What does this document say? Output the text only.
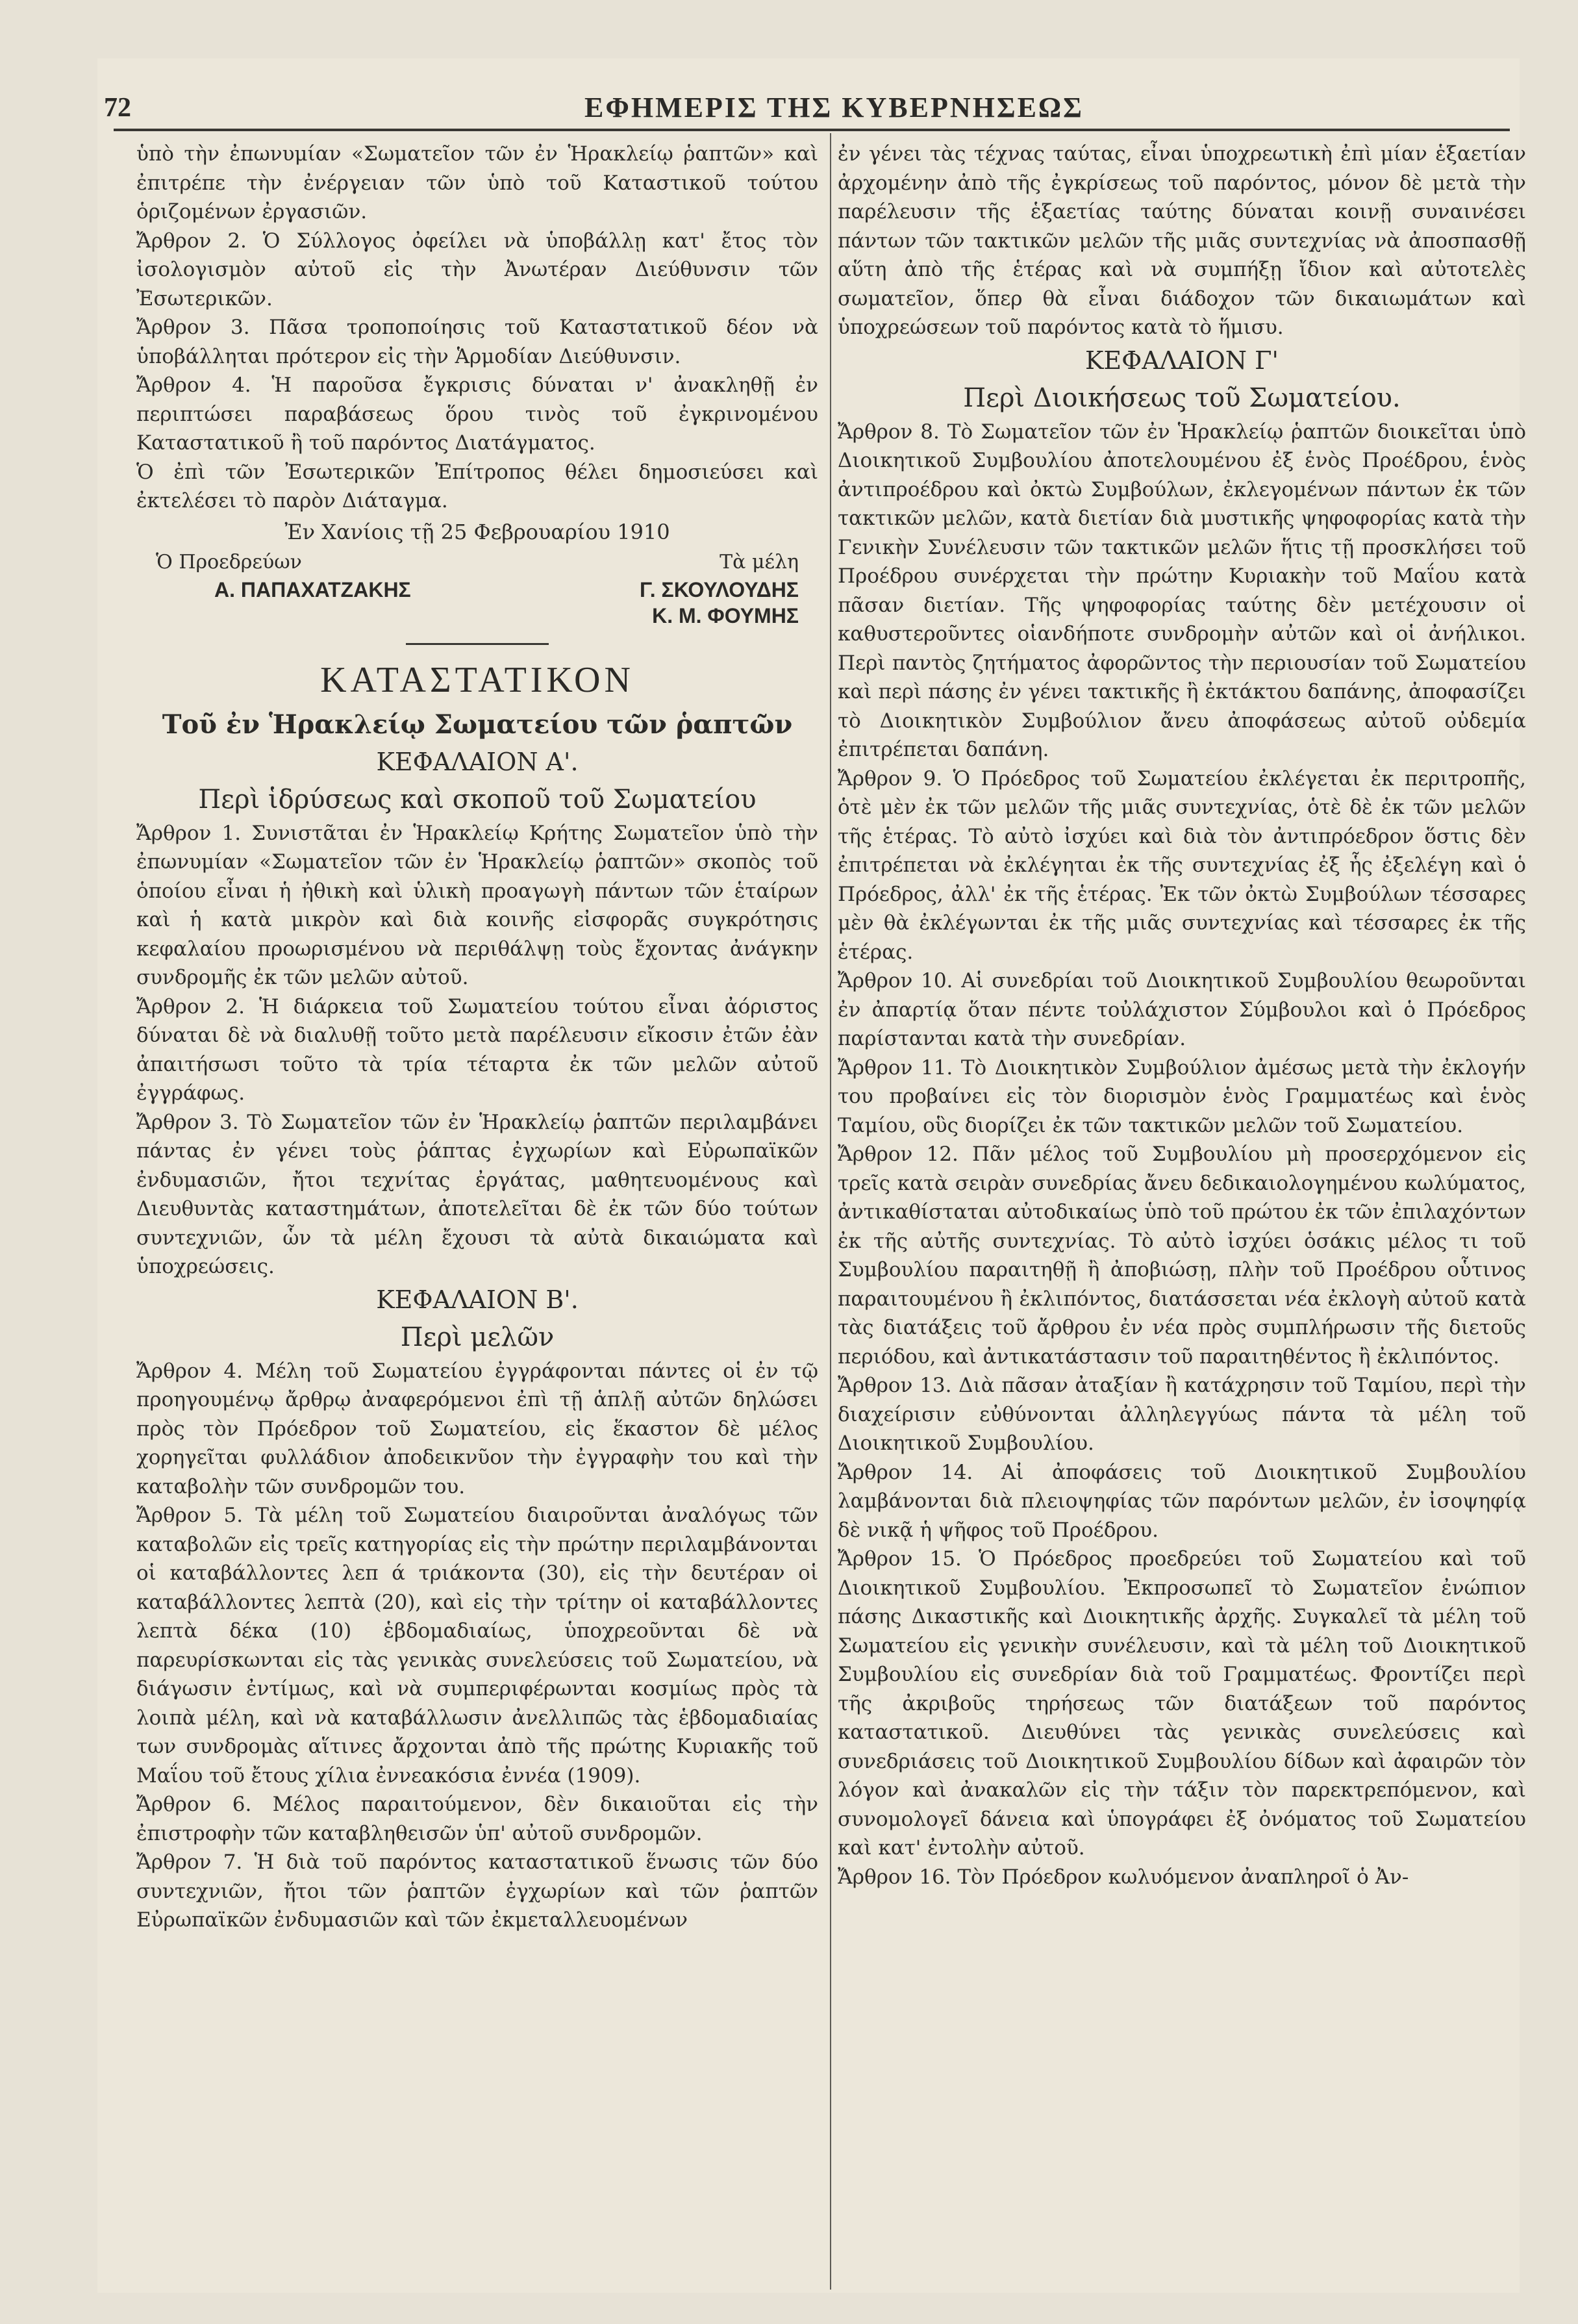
72	ΕΦΗΜΕΡΙΣ ΤΗΣ ΚΥΒΕΡΝΗΣΕΩΣ

ὑπὸ τὴν ἐπωνυμίαν «Σωματεῖον τῶν ἐν Ἡρακλείῳ ῥαπτῶν» καὶ ἐπιτρέπε τὴν ἐνέργειαν τῶν ὑπὸ τοῦ Καταστικοῦ τούτου ὁριζομένων ἐργασιῶν.

Ἄρθρον 2. Ὁ Σύλλογος ὀφείλει νὰ ὑποβάλλῃ κατ' ἔτος τὸν ἰσολογισμὸν αὐτοῦ εἰς τὴν Ἀνωτέραν Διεύθυνσιν τῶν Ἐσωτερικῶν.

Ἄρθρον 3. Πᾶσα τροποποίησις τοῦ Καταστατικοῦ δέον νὰ ὑποβάλληται πρότερον εἰς τὴν Ἁρμοδίαν Διεύθυνσιν.

Ἄρθρον 4. Ἡ παροῦσα ἔγκρισις δύναται ν' ἀνακληθῇ ἐν περιπτώσει παραβάσεως ὅρου τινὸς τοῦ ἐγκρινομένου Καταστατικοῦ ἢ τοῦ παρόντος Διατάγματος.

Ὁ ἐπὶ τῶν Ἐσωτερικῶν Ἐπίτροπος θέλει δημοσιεύσει καὶ ἐκτελέσει τὸ παρὸν Διάταγμα.

Ἐν Χανίοις τῇ 25 Φεβρουαρίου 1910
Ὁ Προεδρεύων	Τὰ μέλη
Α. ΠΑΠΑΧΑΤΖΑΚΗΣ	Γ. ΣΚΟΥΛΟΥΔΗΣ
Κ. Μ. ΦΟΥΜΗΣ
ΚΑΤΑΣΤΑΤΙΚΟΝ
Τοῦ ἐν Ἡρακλείῳ Σωματείου τῶν ῥαπτῶν
ΚΕΦΑΛΑΙΟΝ Α'.
Περὶ ἱδρύσεως καὶ σκοποῦ τοῦ Σωματείου

Ἄρθρον 1. Συνιστᾶται ἐν Ἡρακλείῳ Κρήτης Σωματεῖον ὑπὸ τὴν ἐπωνυμίαν «Σωματεῖον τῶν ἐν Ἡρακλείῳ ῥαπτῶν» σκοπὸς τοῦ ὁποίου εἶναι ἡ ἠθικὴ καὶ ὑλικὴ προαγωγὴ πάντων τῶν ἑταίρων καὶ ἡ κατὰ μικρὸν καὶ διὰ κοινῆς εἰσφορᾶς συγκρότησις κεφαλαίου προωρισμένου νὰ περιθάλψῃ τοὺς ἔχοντας ἀνάγκην συνδρομῆς ἐκ τῶν μελῶν αὐτοῦ.

Ἄρθρον 2. Ἡ διάρκεια τοῦ Σωματείου τούτου εἶναι ἀόριστος δύναται δὲ νὰ διαλυθῇ τοῦτο μετὰ παρέλευσιν εἴκοσιν ἐτῶν ἐὰν ἀπαιτήσωσι τοῦτο τὰ τρία τέταρτα ἐκ τῶν μελῶν αὐτοῦ ἐγγράφως.

Ἄρθρον 3. Τὸ Σωματεῖον τῶν ἐν Ἡρακλείῳ ῥαπτῶν περιλαμβάνει πάντας ἐν γένει τοὺς ῥάπτας ἐγχωρίων καὶ Εὐρωπαϊκῶν ἐνδυμασιῶν, ἤτοι τεχνίτας ἐργάτας, μαθητευομένους καὶ Διευθυντὰς καταστημάτων, ἀποτελεῖται δὲ ἐκ τῶν δύο τούτων συντεχνιῶν, ὧν τὰ μέλη ἔχουσι τὰ αὐτὰ δικαιώματα καὶ ὑποχρεώσεις.

ΚΕΦΑΛΑΙΟΝ Β'.
Περὶ μελῶν

Ἄρθρον 4. Μέλη τοῦ Σωματείου ἐγγράφονται πάντες οἱ ἐν τῷ προηγουμένῳ ἄρθρῳ ἀναφερόμενοι ἐπὶ τῇ ἁπλῇ αὐτῶν δηλώσει πρὸς τὸν Πρόεδρον τοῦ Σωματείου, εἰς ἕκαστον δὲ μέλος χορηγεῖται φυλλάδιον ἀποδεικνῦον τὴν ἐγγραφὴν του καὶ τὴν καταβολὴν τῶν συνδρομῶν του.

Ἄρθρον 5. Τὰ μέλη τοῦ Σωματείου διαιροῦνται ἀναλόγως τῶν καταβολῶν εἰς τρεῖς κατηγορίας εἰς τὴν πρώτην περιλαμβάνονται οἱ καταβάλλοντες λεπ ά τριάκοντα (30), εἰς τὴν δευτέραν οἱ καταβάλλοντες λεπτὰ (20), καὶ εἰς τὴν τρίτην οἱ καταβάλλοντες λεπτὰ δέκα (10) ἑβδομαδιαίως, ὑποχρεοῦνται δὲ νὰ παρευρίσκωνται εἰς τὰς γενικὰς συνελεύσεις τοῦ Σωματείου, νὰ διάγωσιν ἐντίμως, καὶ νὰ συμπεριφέρωνται κοσμίως πρὸς τὰ λοιπὰ μέλη, καὶ νὰ καταβάλλωσιν ἀνελλιπῶς τὰς ἑβδομαδιαίας των συνδρομὰς αἵτινες ἄρχονται ἀπὸ τῆς πρώτης Κυριακῆς τοῦ Μαΐου τοῦ ἔτους χίλια ἐννεακόσια ἐννέα (1909).

Ἄρθρον 6. Μέλος παραιτούμενον, δὲν δικαιοῦται εἰς τὴν ἐπιστροφὴν τῶν καταβληθεισῶν ὑπ' αὐτοῦ συνδρομῶν.

Ἄρθρον 7. Ἡ διὰ τοῦ παρόντος καταστατικοῦ ἕνωσις τῶν δύο συντεχνιῶν, ἤτοι τῶν ῥαπτῶν ἐγχωρίων καὶ τῶν ῥαπτῶν Εὐρωπαϊκῶν ἐνδυμασιῶν καὶ τῶν ἐκμεταλλευομένων

ἐν γένει τὰς τέχνας ταύτας, εἶναι ὑποχρεωτικὴ ἐπὶ μίαν ἑξαετίαν ἀρχομένην ἀπὸ τῆς ἐγκρίσεως τοῦ παρόντος, μόνον δὲ μετὰ τὴν παρέλευσιν τῆς ἑξαετίας ταύτης δύναται κοινῇ συναινέσει πάντων τῶν τακτικῶν μελῶν τῆς μιᾶς συντεχνίας νὰ ἀποσπασθῇ αὕτη ἀπὸ τῆς ἑτέρας καὶ νὰ συμπήξῃ ἴδιον καὶ αὐτοτελὲς σωματεῖον, ὅπερ θὰ εἶναι διάδοχον τῶν δικαιωμάτων καὶ ὑποχρεώσεων τοῦ παρόντος κατὰ τὸ ἥμισυ.

ΚΕΦΑΛΑΙΟΝ Γ'
Περὶ Διοικήσεως τοῦ Σωματείου.

Ἄρθρον 8. Τὸ Σωματεῖον τῶν ἐν Ἡρακλείῳ ῥαπτῶν διοικεῖται ὑπὸ Διοικητικοῦ Συμβουλίου ἀποτελουμένου ἐξ ἑνὸς Προέδρου, ἑνὸς ἀντιπροέδρου καὶ ὀκτὼ Συμβούλων, ἐκλεγομένων πάντων ἐκ τῶν τακτικῶν μελῶν, κατὰ διετίαν διὰ μυστικῆς ψηφοφορίας κατὰ τὴν Γενικὴν Συνέλευσιν τῶν τακτικῶν μελῶν ἥτις τῇ προσκλήσει τοῦ Προέδρου συνέρχεται τὴν πρώτην Κυριακὴν τοῦ Μαΐου κατὰ πᾶσαν διετίαν. Τῆς ψηφοφορίας ταύτης δὲν μετέχουσιν οἱ καθυστεροῦντες οἱανδήποτε συνδρομὴν αὐτῶν καὶ οἱ ἀνήλικοι. Περὶ παντὸς ζητήματος ἀφορῶντος τὴν περιουσίαν τοῦ Σωματείου καὶ περὶ πάσης ἐν γένει τακτικῆς ἢ ἐκτάκτου δαπάνης, ἀποφασίζει τὸ Διοικητικὸν Συμβούλιον ἄνευ ἀποφάσεως αὐτοῦ οὐδεμία ἐπιτρέπεται δαπάνη.

Ἄρθρον 9. Ὁ Πρόεδρος τοῦ Σωματείου ἐκλέγεται ἐκ περιτροπῆς, ὁτὲ μὲν ἐκ τῶν μελῶν τῆς μιᾶς συντεχνίας, ὁτὲ δὲ ἐκ τῶν μελῶν τῆς ἑτέρας. Τὸ αὐτὸ ἰσχύει καὶ διὰ τὸν ἀντιπρόεδρον ὅστις δὲν ἐπιτρέπεται νὰ ἐκλέγηται ἐκ τῆς συντεχνίας ἐξ ἧς ἐξελέγη καὶ ὁ Πρόεδρος, ἀλλ' ἐκ τῆς ἑτέρας. Ἐκ τῶν ὀκτὼ Συμβούλων τέσσαρες μὲν θὰ ἐκλέγωνται ἐκ τῆς μιᾶς συντεχνίας καὶ τέσσαρες ἐκ τῆς ἑτέρας.

Ἄρθρον 10. Αἱ συνεδρίαι τοῦ Διοικητικοῦ Συμβουλίου θεωροῦνται ἐν ἀπαρτίᾳ ὅταν πέντε τοὐλάχιστον Σύμβουλοι καὶ ὁ Πρόεδρος παρίστανται κατὰ τὴν συνεδρίαν.

Ἄρθρον 11. Τὸ Διοικητικὸν Συμβούλιον ἀμέσως μετὰ τὴν ἐκλογήν του προβαίνει εἰς τὸν διορισμὸν ἑνὸς Γραμματέως καὶ ἑνὸς Ταμίου, οὓς διορίζει ἐκ τῶν τακτικῶν μελῶν τοῦ Σωματείου.

Ἄρθρον 12. Πᾶν μέλος τοῦ Συμβουλίου μὴ προσερχόμενον εἰς τρεῖς κατὰ σειρὰν συνεδρίας ἄνευ δεδικαιολογημένου κωλύματος, ἀντικαθίσταται αὐτοδικαίως ὑπὸ τοῦ πρώτου ἐκ τῶν ἐπιλαχόντων ἐκ τῆς αὐτῆς συντεχνίας. Τὸ αὐτὸ ἰσχύει ὁσάκις μέλος τι τοῦ Συμβουλίου παραιτηθῇ ἢ ἀποβιώσῃ, πλὴν τοῦ Προέδρου οὗτινος παραιτουμένου ἢ ἐκλιπόντος, διατάσσεται νέα ἐκλογὴ αὐτοῦ κατὰ τὰς διατάξεις τοῦ ἄρθρου ἐν νέα πρὸς συμπλήρωσιν τῆς διετοῦς περιόδου, καὶ ἀντικατάστασιν τοῦ παραιτηθέντος ἢ ἐκλιπόντος.

Ἄρθρον 13. Διὰ πᾶσαν ἀταξίαν ἢ κατάχρησιν τοῦ Ταμίου, περὶ τὴν διαχείρισιν εὐθύνονται ἀλληλεγγύως πάντα τὰ μέλη τοῦ Διοικητικοῦ Συμβουλίου.

Ἄρθρον 14. Αἱ ἀποφάσεις τοῦ Διοικητικοῦ Συμβουλίου λαμβάνονται διὰ πλειοψηφίας τῶν παρόντων μελῶν, ἐν ἰσοψηφίᾳ δὲ νικᾷ ἡ ψῆφος τοῦ Προέδρου.

Ἄρθρον 15. Ὁ Πρόεδρος προεδρεύει τοῦ Σωματείου καὶ τοῦ Διοικητικοῦ Συμβουλίου. Ἐκπροσωπεῖ τὸ Σωματεῖον ἐνώπιον πάσης Δικαστικῆς καὶ Διοικητικῆς ἀρχῆς. Συγκαλεῖ τὰ μέλη τοῦ Σωματείου εἰς γενικὴν συνέλευσιν, καὶ τὰ μέλη τοῦ Διοικητικοῦ Συμβουλίου εἰς συνεδρίαν διὰ τοῦ Γραμματέως. Φροντίζει περὶ τῆς ἀκριβοῦς τηρήσεως τῶν διατάξεων τοῦ παρόντος καταστατικοῦ. Διευθύνει τὰς γενικὰς συνελεύσεις καὶ συνεδριάσεις τοῦ Διοικητικοῦ Συμβουλίου δίδων καὶ ἀφαιρῶν τὸν λόγον καὶ ἀνακαλῶν εἰς τὴν τάξιν τὸν παρεκτρεπόμενον, καὶ συνομολογεῖ δάνεια καὶ ὑπογράφει ἐξ ὀνόματος τοῦ Σωματείου καὶ κατ' ἐντολὴν αὐτοῦ.

Ἄρθρον 16. Τὸν Πρόεδρον κωλυόμενον ἀναπληροῖ ὁ Ἀν-
